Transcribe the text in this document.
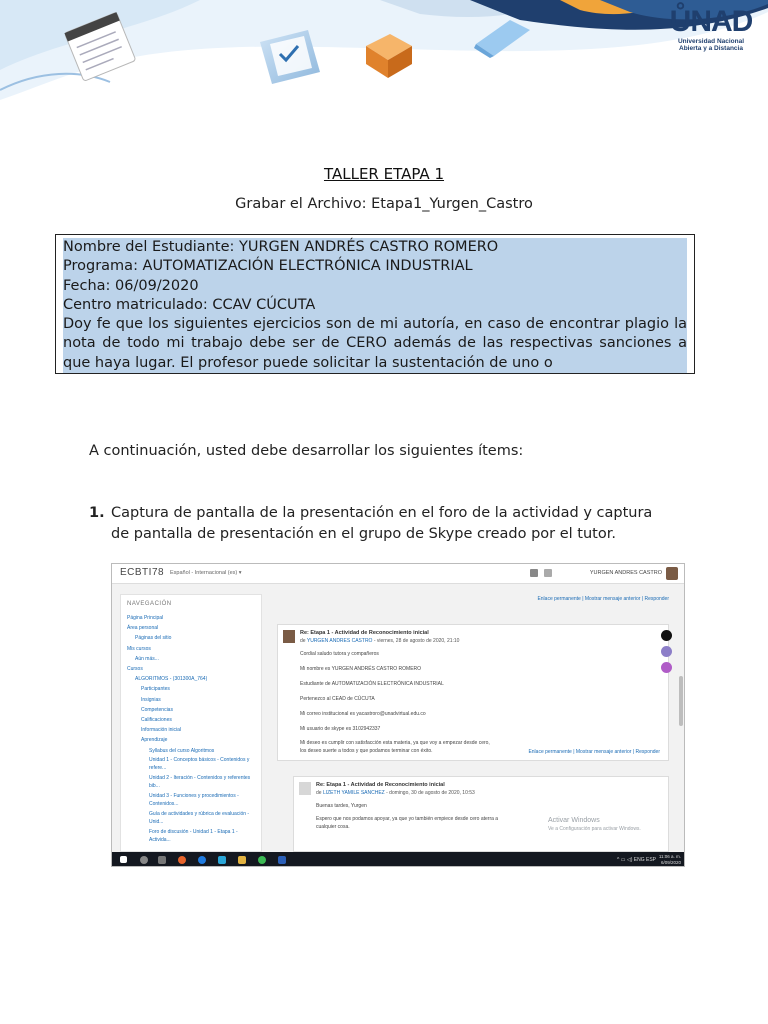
ŮNAD
Universidad Nacional
Abierta y a Distancia
TALLER ETAPA 1
Grabar el Archivo: Etapa1_Yurgen_Castro

Nombre del Estudiante: YURGEN ANDRÉS CASTRO ROMERO

Programa: AUTOMATIZACIÓN ELECTRÓNICA INDUSTRIAL

Fecha: 06/09/2020

Centro matriculado: CCAV CÚCUTA

Doy fe que los siguientes ejercicios son de mi autoría, en caso de encontrar plagio la nota de todo mi trabajo debe ser de CERO además de las respectivas sanciones a que haya lugar. El profesor puede solicitar la sustentación de uno o

A continuación, usted debe desarrollar los siguientes ítems:
1. Captura de pantalla de la presentación en el foro de la actividad y captura de pantalla de presentación en el grupo de Skype creado por el tutor.
ECBTI78 Español - Internacional (es) ▾	YURGEN ANDRES CASTRO
NAVEGACIÓN
Página Principal
Área personal
Páginas del sitio
Mis cursos
Aún más...
Cursos
ALGORITMOS - (301300A_764)
Participantes
Insignias
Competencias
Calificaciones
Información inicial
Aprendizaje
Syllabus del curso Algoritmos
Unidad 1 - Conceptos básicos - Contenidos y refere...
Unidad 2 - Iteración - Contenidos y referentes bib...
Unidad 3 - Funciones y procedimientos - Contenidos...
Guía de actividades y rúbrica de evaluación - Unid...
Foro de discusión - Unidad 1 - Etapa 1 - Activida...
Enlace permanente | Mostrar mensaje anterior | Responder
Re: Etapa 1 - Actividad de Reconocimiento inicial
de YURGEN ANDRES CASTRO - viernes, 28 de agosto de 2020, 21:10
Cordial saludo tutora y compañeros
Mi nombre es YURGEN ANDRÉS CASTRO ROMERO
Estudiante de AUTOMATIZACIÓN ELECTRÓNICA INDUSTRIAL
Pertenezco al CEAD de CÚCUTA
Mi correo institucional es yacastroro@unadvirtual.edu.co
Mi usuario de skype es 3102942337
Mi deseo es cumplir con satisfacción esta materia, ya que voy a empezar desde cero,
los deseo suerte a todos y que podamos terminar con éxito.	Enlace permanente | Mostrar mensaje anterior | Responder
Re: Etapa 1 - Actividad de Reconocimiento inicial
de LIZETH YAMILE SANCHEZ - domingo, 30 de agosto de 2020, 10:53
Buenas tardes, Yurgen
Espero que nos podamos apoyar, ya que yo también empiece desde cero aterra a
cualquier cosa.
Activar Windows
Ve a Configuración para activar Windows.
^ ▭ ◁) ENG ESP
11:06 a. m.
6/09/2020
